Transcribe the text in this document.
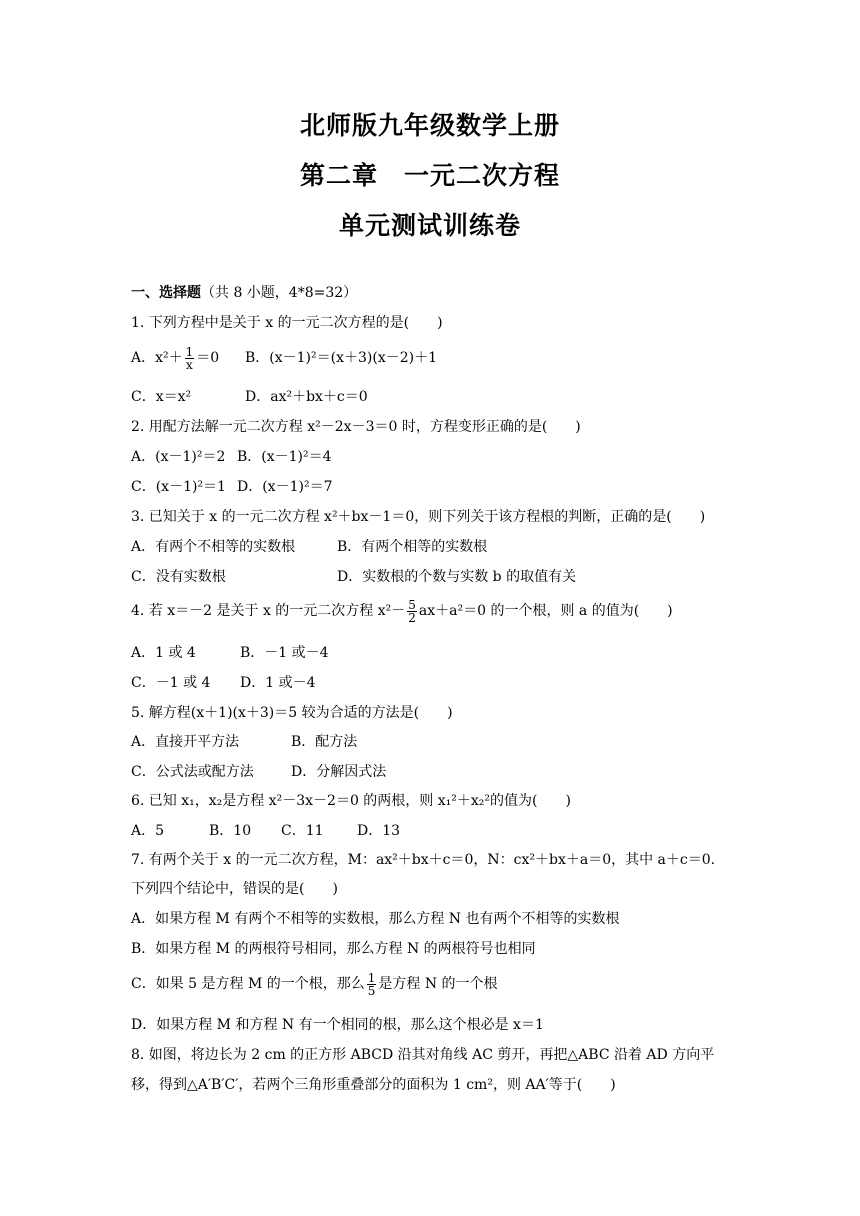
北师版九年级数学上册
第二章　一元二次方程
单元测试训练卷
一、选择题（共 8 小题，4*8=32）
1. 下列方程中是关于 x 的一元二次方程的是(　　)
A．$x^2+ \frac{1}{x} =0$ B．(x－1)²＝(x＋3)(x－2)＋1
C．x＝x²	D．ax²＋bx＋c＝0
2. 用配方法解一元二次方程 x²－2x－3＝0 时，方程变形正确的是(　　)
A．(x－1)²＝2 B．(x－1)²＝4
C．(x－1)²＝1 D．(x－1)²＝7
3. 已知关于 x 的一元二次方程 x²＋bx－1＝0，则下列关于该方程根的判断，正确的是(　　)
A．有两个不相等的实数根	B．有两个相等的实数根
C．没有实数根	D．实数根的个数与实数 b 的取值有关
4. 若 x＝－2 是关于 x 的一元二次方程 $x^2- \frac{5}{2} ax+a^2=0$ 的一个根，则 a 的值为(　　)
A．1 或 4	B．－1 或－4
C．－1 或 4 D．1 或－4
5. 解方程(x＋1)(x＋3)＝5 较为合适的方法是(　　)
A．直接开平方法	B．配方法
C．公式法或配方法	D．分解因式法
6. 已知 x₁，x₂是方程 x²－3x－2＝0 的两根，则 x₁²＋x₂²的值为(　　)
A．5	B．10 C．11 D．13
7. 有两个关于 x 的一元二次方程，M：ax²＋bx＋c＝0，N：cx²＋bx＋a＝0，其中 a＋c＝0.
下列四个结论中，错误的是(　　)
A．如果方程 M 有两个不相等的实数根，那么方程 N 也有两个不相等的实数根
B．如果方程 M 的两根符号相同，那么方程 N 的两根符号也相同
C．如果 5 是方程 M 的一个根，那么 $\frac{1}{5}$ 是方程 N 的一个根
D．如果方程 M 和方程 N 有一个相同的根，那么这个根必是 x＝1
8. 如图，将边长为 2 cm 的正方形 ABCD 沿其对角线 AC 剪开，再把△ABC 沿着 AD 方向平
移，得到△A′B′C′，若两个三角形重叠部分的面积为 1 cm²，则 AA′等于(　　)
